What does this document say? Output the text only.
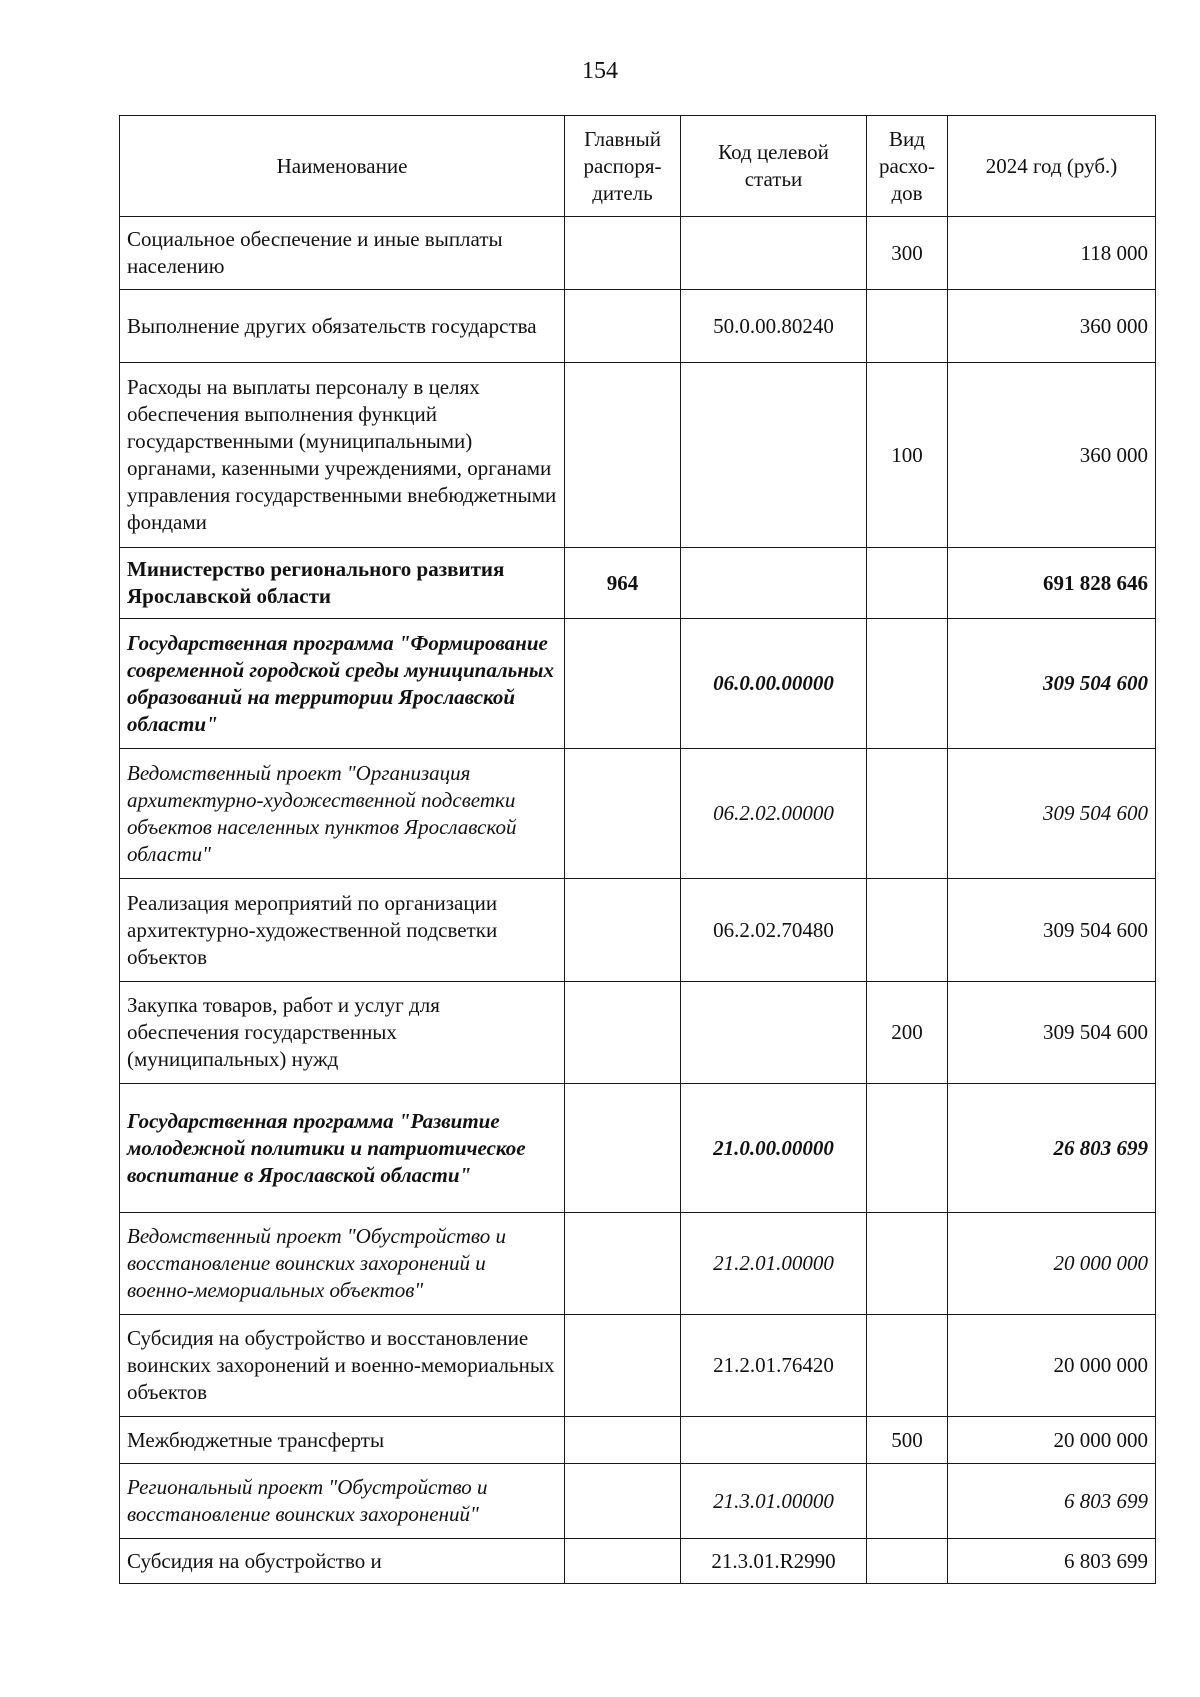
154
Наименование	Главный распоря-дитель	Код целевой статьи	Вид расхо-дов	2024 год (руб.)
Социальное обеспечение и иные выплаты населению			300	118 000
Выполнение других обязательств государства		50.0.00.80240		360 000
Расходы на выплаты персоналу в целях обеспечения выполнения функций государственными (муниципальными) органами, казенными учреждениями, органами управления государственными внебюджетными фондами			100	360 000
Министерство регионального развития Ярославской области	964			691 828 646
Государственная программа "Формирование современной городской среды муниципальных образований на территории Ярославской области"		06.0.00.00000		309 504 600
Ведомственный проект "Организация архитектурно-художественной подсветки объектов населенных пунктов Ярославской области"		06.2.02.00000		309 504 600
Реализация мероприятий по организации архитектурно-художественной подсветки объектов		06.2.02.70480		309 504 600
Закупка товаров, работ и услуг для обеспечения государственных (муниципальных) нужд			200	309 504 600
Государственная программа "Развитие молодежной политики и патриотическое воспитание в Ярославской области"		21.0.00.00000		26 803 699
Ведомственный проект "Обустройство и восстановление воинских захоронений и военно-мемориальных объектов"		21.2.01.00000		20 000 000
Субсидия на обустройство и восстановление воинских захоронений и военно-мемориальных объектов		21.2.01.76420		20 000 000
Межбюджетные трансферты			500	20 000 000
Региональный проект "Обустройство и восстановление воинских захоронений"		21.3.01.00000		6 803 699
Субсидия на обустройство и		21.3.01.R2990		6 803 699
